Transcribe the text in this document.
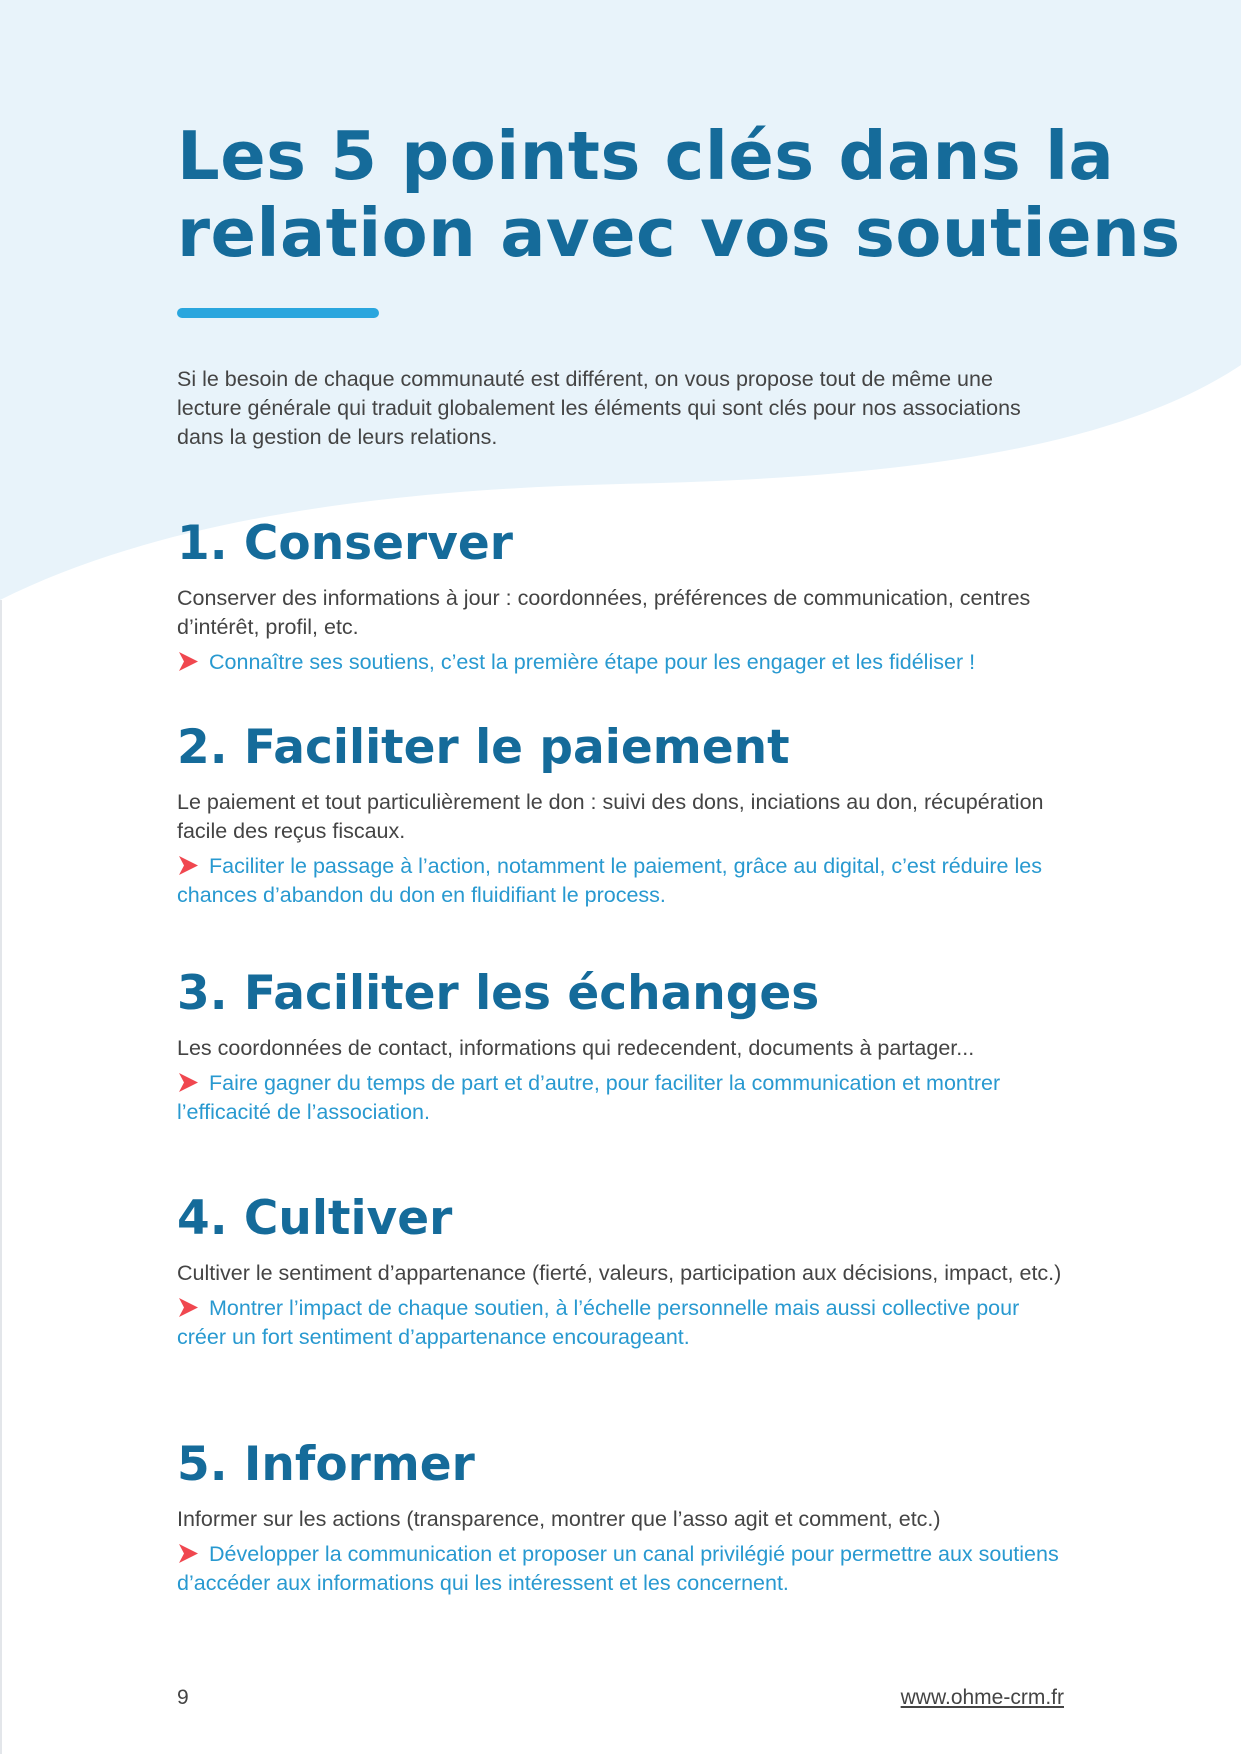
Les 5 points clés dans la
relation avec vos soutiens

Si le besoin de chaque communauté est différent, on vous propose tout de même une lecture générale qui traduit globalement les éléments qui sont clés pour nos associations dans la gestion de leurs relations.

1. Conserver

Conserver des informations à jour : coordonnées, préférences de communication, centres d’intérêt, profil, etc.

Connaître ses soutiens, c’est la première étape pour les engager et les fidéliser !

2. Faciliter le paiement

Le paiement et tout particulièrement le don : suivi des dons, inciations au don, récupération facile des reçus fiscaux.

Faciliter le passage à l’action, notamment le paiement, grâce au digital, c’est réduire les chances d’abandon du don en fluidifiant le process.

3. Faciliter les échanges

Les coordonnées de contact, informations qui redecendent, documents à partager...

Faire gagner du temps de part et d’autre, pour faciliter la communication et montrer l’efficacité de l’association.

4. Cultiver

Cultiver le sentiment d’appartenance (fierté, valeurs, participation aux décisions, impact, etc.)

Montrer l’impact de chaque soutien, à l’échelle personnelle mais aussi collective pour créer un fort sentiment d’appartenance encourageant.

5. Informer

Informer sur les actions (transparence, montrer que l’asso agit et comment, etc.)

Développer la communication et proposer un canal privilégié pour permettre aux soutiens d’accéder aux informations qui les intéressent et les concernent.

9	www.ohme-crm.fr
